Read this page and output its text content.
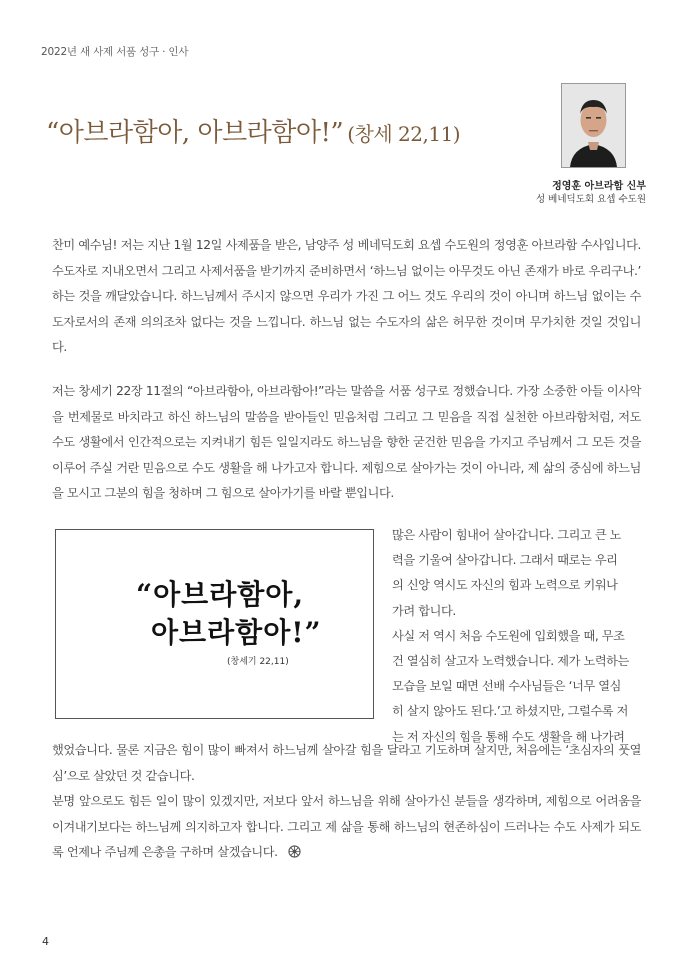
2022년 새 사제 서품 성구 · 인사
“아브라함아, 아브라함아!” (창세 22,11)
정영훈 아브라함 신부
성 베네딕도회 요셉 수도원

찬미 예수님! 저는 지난 1월 12일 사제품을 받은, 남양주 성 베네딕도회 요셉 수도원의 정영훈 아브라함 수사입니다. 수도자로 지내오면서 그리고 사제서품을 받기까지 준비하면서 ‘하느님 없이는 아무것도 아닌 존재가 바로 우리구나.’ 하는 것을 깨달았습니다. 하느님께서 주시지 않으면 우리가 가진 그 어느 것도 우리의 것이 아니며 하느님 없이는 수도자로서의 존재 의의조차 없다는 것을 느낍니다. 하느님 없는 수도자의 삶은 허무한 것이며 무가치한 것일 것입니다.

저는 창세기 22장 11절의 “아브라함아, 아브라함아!”라는 말씀을 서품 성구로 정했습니다. 가장 소중한 아들 이사악을 번제물로 바치라고 하신 하느님의 말씀을 받아들인 믿음처럼 그리고 그 믿음을 직접 실천한 아브라함처럼, 저도 수도 생활에서 인간적으로는 지켜내기 힘든 일일지라도 하느님을 향한 굳건한 믿음을 가지고 주님께서 그 모든 것을 이루어 주실 거란 믿음으로 수도 생활을 해 나가고자 합니다. 제힘으로 살아가는 것이 아니라, 제 삶의 중심에 하느님을 모시고 그분의 힘을 청하며 그 힘으로 살아가기를 바랄 뿐입니다.

“아브라함아,
아브라함아!”
(창세기 22,11)

많은 사람이 힘내어 살아갑니다. 그리고 큰 노
력을 기울여 살아갑니다. 그래서 때로는 우리
의 신앙 역시도 자신의 힘과 노력으로 키워나
가려 합니다.
사실 저 역시 처음 수도원에 입회했을 때, 무조
건 열심히 살고자 노력했습니다. 제가 노력하는
모습을 보일 때면 선배 수사님들은 ‘너무 열심
히 살지 않아도 된다.’고 하셨지만, 그럴수록 저
는 저 자신의 힘을 통해 수도 생활을 해 나가려

했었습니다. 물론 지금은 힘이 많이 빠져서 하느님께 살아갈 힘을 달라고 기도하며 살지만, 처음에는 ‘초심자의 풋열심’으로 살았던 것 같습니다.

분명 앞으로도 힘든 일이 많이 있겠지만, 저보다 앞서 하느님을 위해 살아가신 분들을 생각하며, 제힘으로 어려움을 이겨내기보다는 하느님께 의지하고자 합니다. 그리고 제 삶을 통해 하느님의 현존하심이 드러나는 수도 사제가 되도록 언제나 주님께 은총을 구하며 살겠습니다.

4
